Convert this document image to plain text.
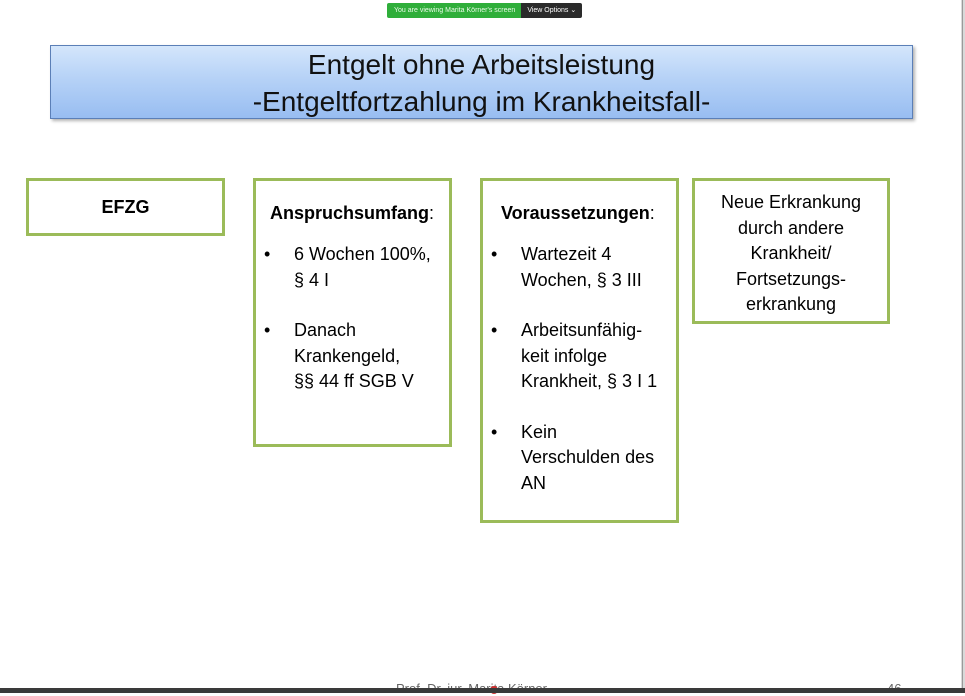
You are viewing Marita Körner's screen	View Options ⌄
Entgelt ohne Arbeitsleistung
-Entgeltfortzahlung im Krankheitsfall-
EFZG	Anspruchsumfang:
• 6 Wochen 100%,
§ 4 I
• Danach
Krankengeld,
§§ 44 ff SGB V
Voraussetzungen:
• Wartezeit 4
Wochen, § 3 III
• Arbeitsunfähig-
keit infolge
Krankheit, § 3 I 1
• Kein
Verschulden des
AN
Neue Erkrankung
durch andere
Krankheit/
Fortsetzungs-
erkrankung
